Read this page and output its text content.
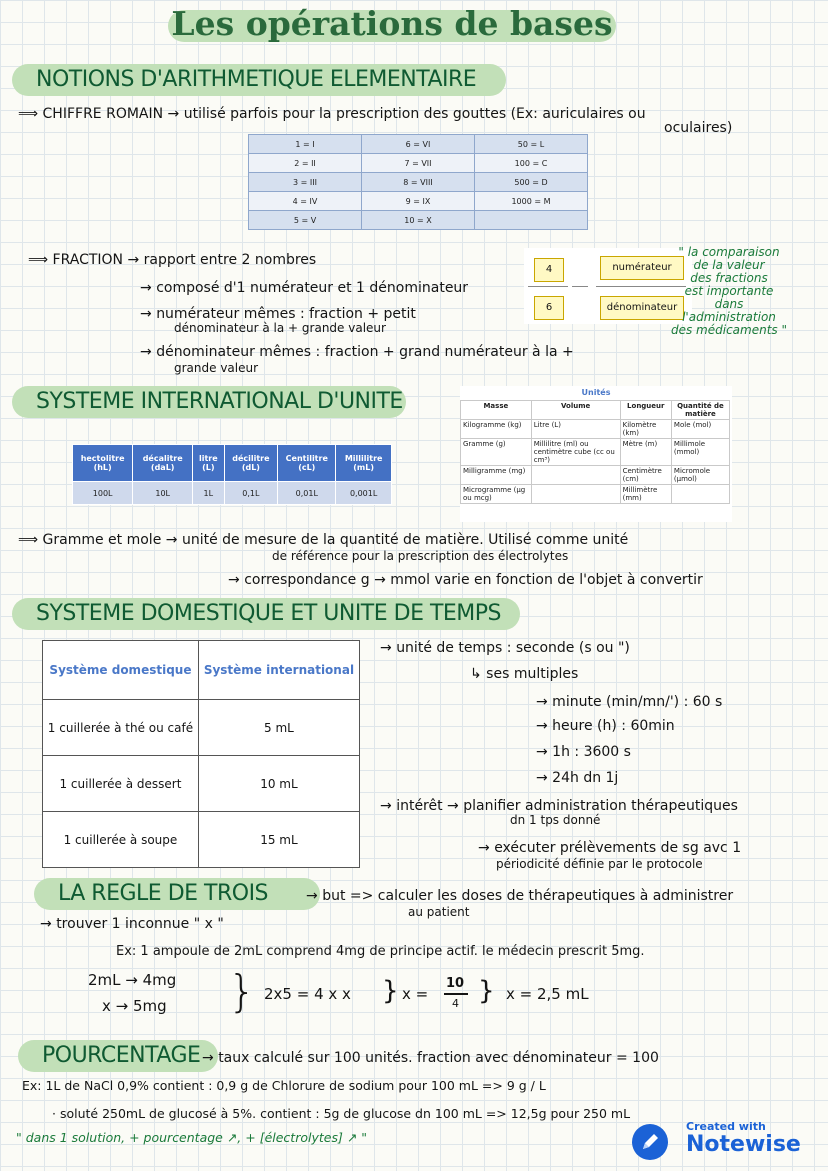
Les opérations de bases
NOTIONS D'ARITHMETIQUE ELEMENTAIRE
⟹ CHIFFRE ROMAIN → utilisé parfois pour la prescription des gouttes (Ex: auriculaires ou
oculaires)
1 = I	6 = VI	50 = L
2 = II	7 = VII	100 = C
3 = III	8 = VIII	500 = D
4 = IV	9 = IX	1000 = M
5 = V	10 = X	
⟹ FRACTION → rapport entre 2 nombres
→ composé d'1 numérateur et 1 dénominateur
→ numérateur mêmes : fraction + petit
dénominateur à la + grande valeur
→ dénominateur mêmes : fraction + grand numérateur à la +
grande valeur
4
6
numérateur
dénominateur
" la comparaison
de la valeur
des fractions
est importante
dans
l'administration
des médicaments "
SYSTEME INTERNATIONAL D'UNITE	Unités
Masse	Volume	Longueur	Quantité de matière
Kilogramme (kg)	Litre (L)	Kilomètre (km)	Mole (mol)
Gramme (g)	Millilitre (ml) ou centimètre cube (cc ou cm³)	Mètre (m)	Millimole (mmol)
Milligramme (mg)		Centimètre (cm)	Micromole (µmol)
Microgramme (µg ou mcg)		Millimètre (mm)	
hectolitre (hL)	décalitre (daL)	litre (L)	décilitre (dL)	Centilitre (cL)	Millilitre (mL)
100L	10L	1L	0,1L	0,01L	0,001L
⟹ Gramme et mole → unité de mesure de la quantité de matière. Utilisé comme unité
de référence pour la prescription des électrolytes
→ correspondance g → mmol varie en fonction de l'objet à convertir
SYSTEME DOMESTIQUE ET UNITE DE TEMPS
Système domestique	Système international
1 cuillerée à thé ou café	5 mL
1 cuillerée à dessert	10 mL
1 cuillerée à soupe	15 mL
→ unité de temps : seconde (s ou ")
↳ ses multiples
→ minute (min/mn/') : 60 s
→ heure (h) : 60min
→ 1h : 3600 s
→ 24h dn 1j
→ intérêt → planifier administration thérapeutiques
dn 1 tps donné
→ exécuter prélèvements de sg avc 1
périodicité définie par le protocole
LA REGLE DE TROIS	→ but => calculer les doses de thérapeutiques à administrer
au patient
→ trouver 1 inconnue " x "
Ex: 1 ampoule de 2mL comprend 4mg de principe actif. le médecin prescrit 5mg.
2mL → 4mg
x → 5mg } 2x5 = 4 x x } x =
10
4 } x = 2,5 mL
POURCENTAGE → taux calculé sur 100 unités. fraction avec dénominateur = 100
Ex: 1L de NaCl 0,9% contient : 0,9 g de Chlorure de sodium pour 100 mL => 9 g / L
· soluté 250mL de glucosé à 5%. contient : 5g de glucose dn 100 mL => 12,5g pour 250 mL
" dans 1 solution, + pourcentage ↗, + [électrolytes] ↗ "
Created with
Notewise
